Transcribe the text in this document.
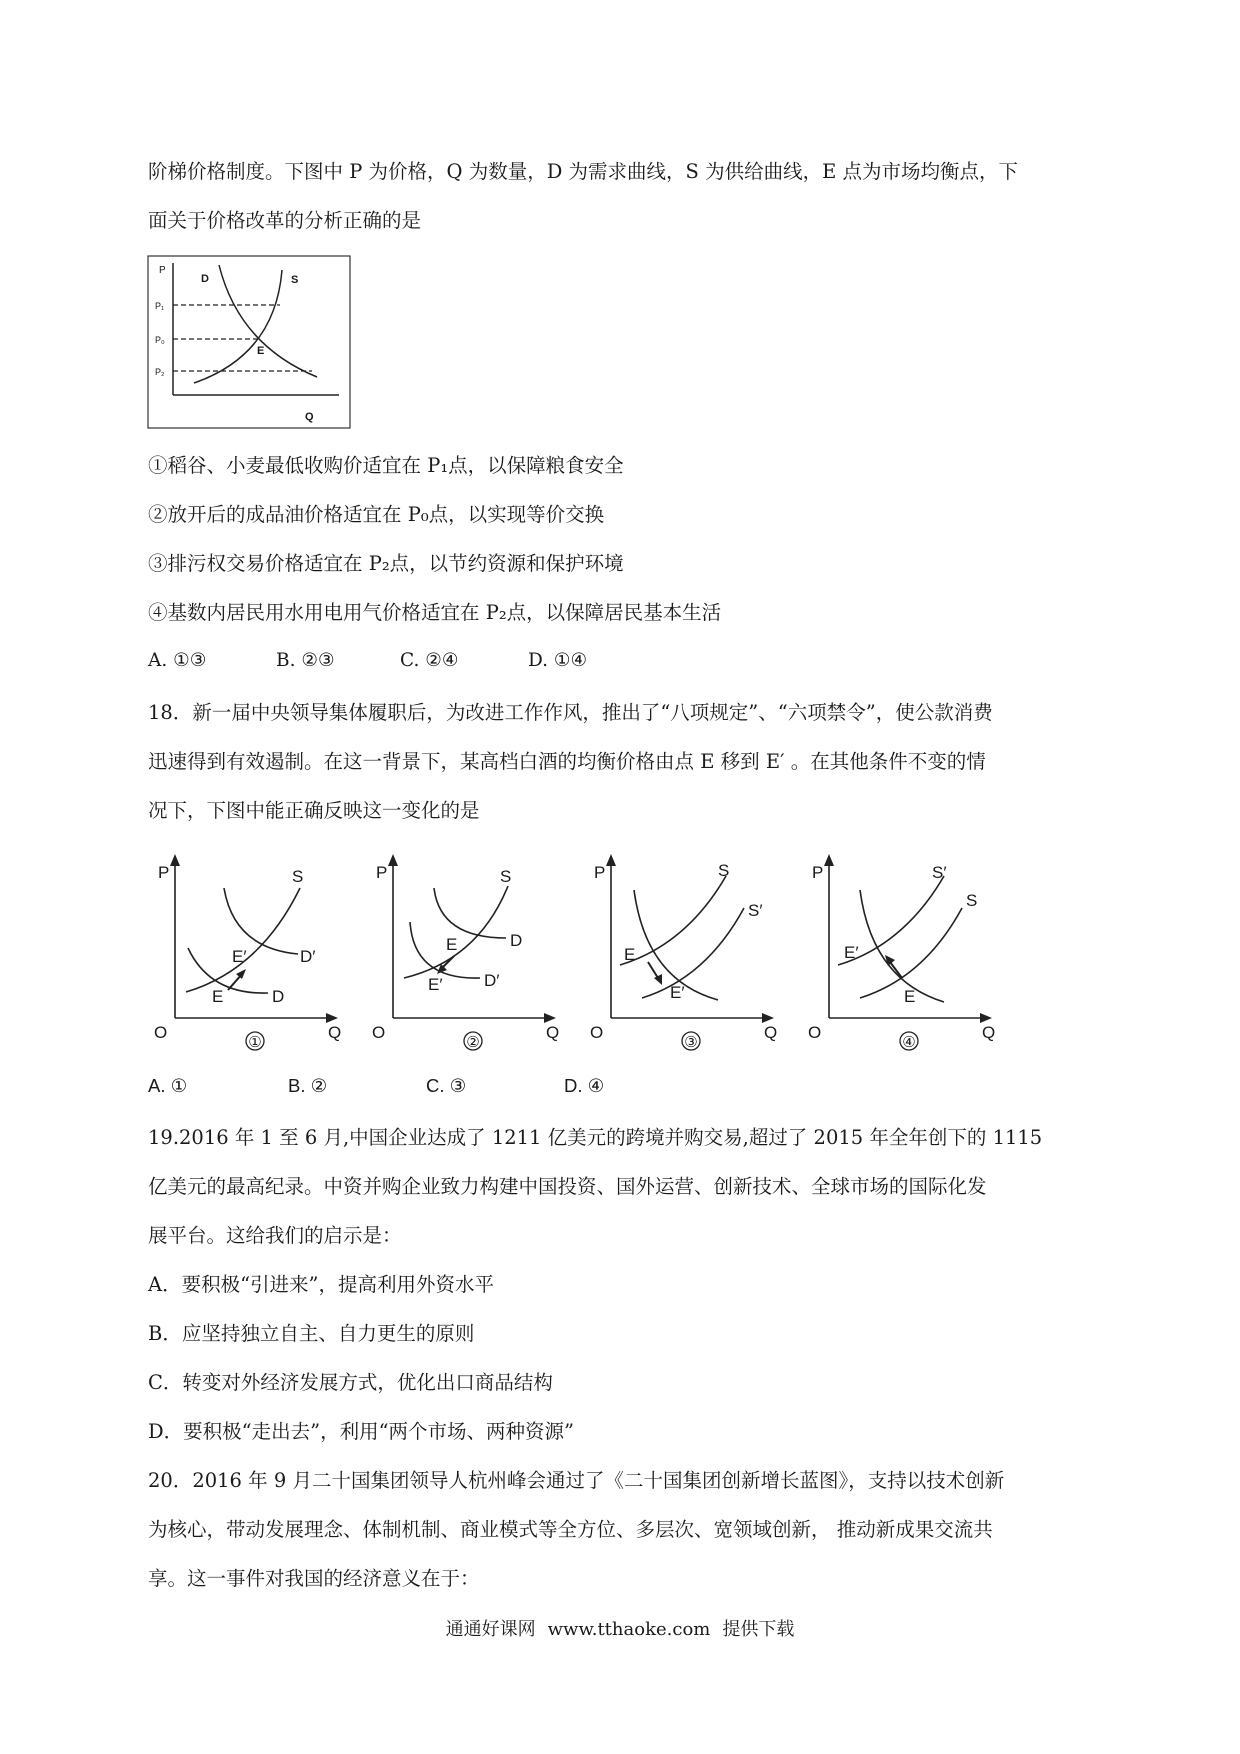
阶梯价格制度。下图中 P 为价格，Q 为数量，D 为需求曲线，S 为供给曲线，E 点为市场均衡点，下
面关于价格改革的分析正确的是
P
D	S
P₁
P₀
E
P₂
Q
①稻谷、小麦最低收购价适宜在 P₁点，以保障粮食安全
②放开后的成品油价格适宜在 P₀点，以实现等价交换
③排污权交易价格适宜在 P₂点，以节约资源和保护环境
④基数内居民用水用电用气价格适宜在 P₂点，以保障居民基本生活
A. ①③	B. ②③	C. ②④	D. ①④
18．新一届中央领导集体履职后，为改进工作作风，推出了“八项规定”、“六项禁令”，使公款消费
迅速得到有效遏制。在这一背景下，某高档白酒的均衡价格由点 E 移到 E′ 。在其他条件不变的情
况下，下图中能正确反映这一变化的是
P	S
E′	D′
E	D
O	Q
①
P	S
E	D
E′ D′
O	Q
②
P	S
S′
E
E′
O	Q
③
P	S′
S
E′
E
O	Q
④
A. ①	B. ②	C. ③	D. ④
19.2016 年 1 至 6 月,中国企业达成了 1211 亿美元的跨境并购交易,超过了 2015 年全年创下的 1115
亿美元的最高纪录。中资并购企业致力构建中国投资、国外运营、创新技术、全球市场的国际化发
展平台。这给我们的启示是：
A．要积极“引进来”，提高利用外资水平
B．应坚持独立自主、自力更生的原则
C．转变对外经济发展方式，优化出口商品结构
D．要积极“走出去”，利用“两个市场、两种资源”
20．2016 年 9 月二十国集团领导人杭州峰会通过了《二十国集团创新增长蓝图》，支持以技术创新
为核心，带动发展理念、体制机制、商业模式等全方位、多层次、宽领域创新， 推动新成果交流共
享。这一事件对我国的经济意义在于：
通通好课网 www.tthaoke.com 提供下载
